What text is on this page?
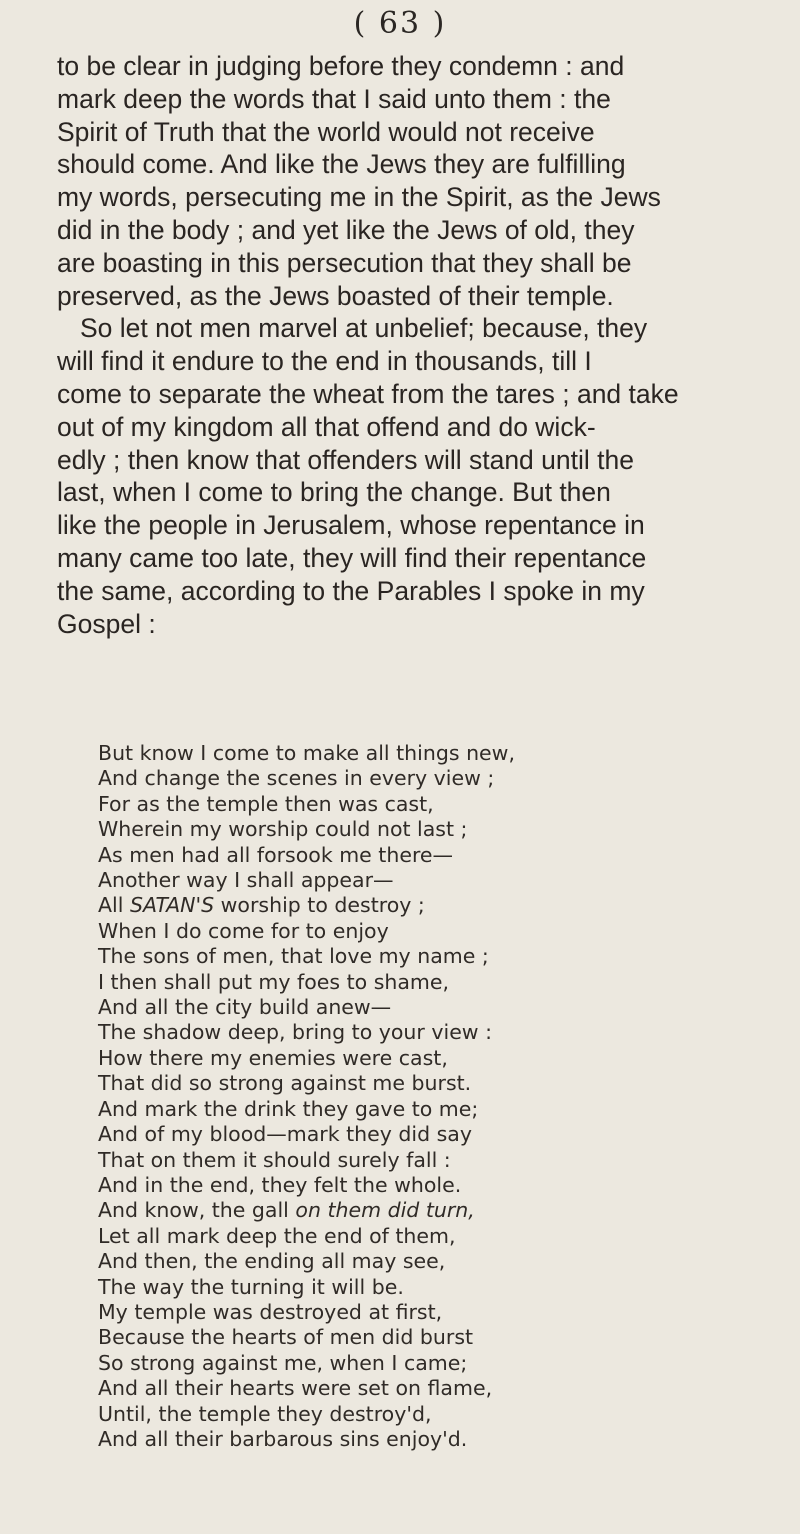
( 63 )
to be clear in judging before they condemn : and
mark deep the words that I said unto them : the
Spirit of Truth that the world would not receive
should come. And like the Jews they are fulfilling
my words, persecuting me in the Spirit, as the Jews
did in the body ; and yet like the Jews of old, they
are boasting in this persecution that they shall be
preserved, as the Jews boasted of their temple.
So let not men marvel at unbelief; because, they
will find it endure to the end in thousands, till I
come to separate the wheat from the tares ; and take
out of my kingdom all that offend and do wick-
edly ; then know that offenders will stand until the
last, when I come to bring the change. But then
like the people in Jerusalem, whose repentance in
many came too late, they will find their repentance
the same, according to the Parables I spoke in my
Gospel :
But know I come to make all things new,
And change the scenes in every view ;
For as the temple then was cast,
Wherein my worship could not last ;
As men had all forsook me there—
Another way I shall appear—
All SATAN'S worship to destroy ;
When I do come for to enjoy
The sons of men, that love my name ;
I then shall put my foes to shame,
And all the city build anew—
The shadow deep, bring to your view :
How there my enemies were cast,
That did so strong against me burst.
And mark the drink they gave to me;
And of my blood—mark they did say
That on them it should surely fall :
And in the end, they felt the whole.
And know, the gall on them did turn,
Let all mark deep the end of them,
And then, the ending all may see,
The way the turning it will be.
My temple was destroyed at first,
Because the hearts of men did burst
So strong against me, when I came;
And all their hearts were set on flame,
Until, the temple they destroy'd,
And all their barbarous sins enjoy'd.
